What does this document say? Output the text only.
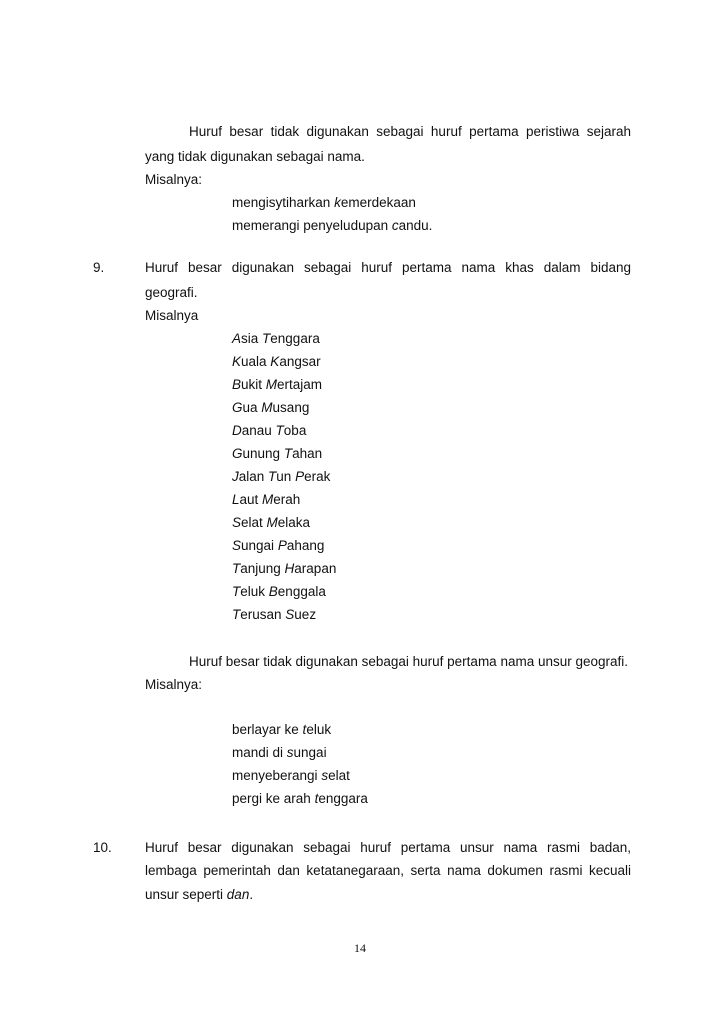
Huruf besar tidak digunakan sebagai huruf pertama peristiwa sejarah
yang tidak digunakan sebagai nama.
Misalnya:
mengisytiharkan kemerdekaan
memerangi penyeludupan candu.
9.	Huruf besar digunakan sebagai huruf pertama nama khas dalam bidang
geografi.
Misalnya
Asia Tenggara
Kuala Kangsar
Bukit Mertajam
Gua Musang
Danau Toba
Gunung Tahan
Jalan Tun Perak
Laut Merah
Selat Melaka
Sungai Pahang
Tanjung Harapan
Teluk Benggala
Terusan Suez
Huruf besar tidak digunakan sebagai huruf pertama nama unsur geografi.
Misalnya:
berlayar ke teluk
mandi di sungai
menyeberangi selat
pergi ke arah tenggara
10. Huruf besar digunakan sebagai huruf pertama unsur nama rasmi badan,
lembaga pemerintah dan ketatanegaraan, serta nama dokumen rasmi kecuali
unsur seperti dan.
14
